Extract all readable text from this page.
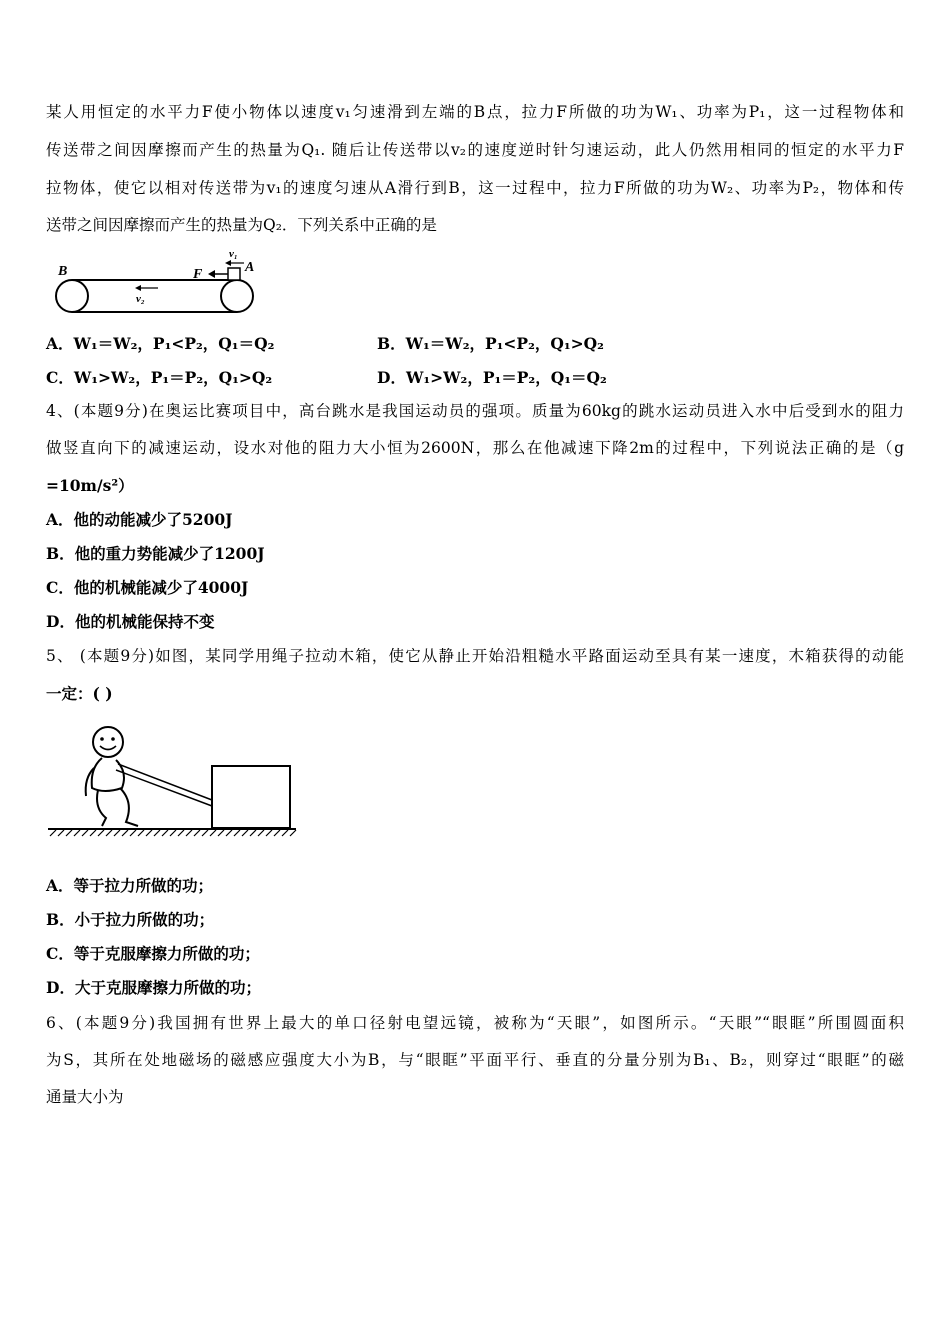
某人用恒定的水平力F使小物体以速度v₁匀速滑到左端的B点，拉力F所做的功为W₁、功率为P₁，这一过程物体和
传送带之间因摩擦而产生的热量为Q₁. 随后让传送带以v₂的速度逆时针匀速运动，此人仍然用相同的恒定的水平力F
拉物体，使它以相对传送带为v₁的速度匀速从A滑行到B，这一过程中，拉力F所做的功为W₂、功率为P₂，物体和传
送带之间因摩擦而产生的热量为Q₂．下列关系中正确的是
B	F	A
v₁
v₂
A．W₁＝W₂，P₁<P₂，Q₁＝Q₂	B．W₁＝W₂，P₁<P₂，Q₁>Q₂
C．W₁>W₂，P₁＝P₂，Q₁>Q₂	D．W₁>W₂，P₁＝P₂，Q₁＝Q₂
4、(本题9分)在奥运比赛项目中，高台跳水是我国运动员的强项。质量为60kg的跳水运动员进入水中后受到水的阻力
做竖直向下的减速运动，设水对他的阻力大小恒为2600N，那么在他减速下降2m的过程中，下列说法正确的是（g
=10m/s²）
A．他的动能减少了5200J
B．他的重力势能减少了1200J
C．他的机械能减少了4000J
D．他的机械能保持不变
5、 (本题9分)如图，某同学用绳子拉动木箱，使它从静止开始沿粗糙水平路面运动至具有某一速度，木箱获得的动能
一定：( )
A．等于拉力所做的功；
B．小于拉力所做的功；
C．等于克服摩擦力所做的功；
D．大于克服摩擦力所做的功；
6、(本题9分)我国拥有世界上最大的单口径射电望远镜，被称为“天眼”，如图所示。“天眼”“眼眶”所围圆面积
为S，其所在处地磁场的磁感应强度大小为B，与“眼眶”平面平行、垂直的分量分别为B₁、B₂，则穿过“眼眶”的磁
通量大小为
